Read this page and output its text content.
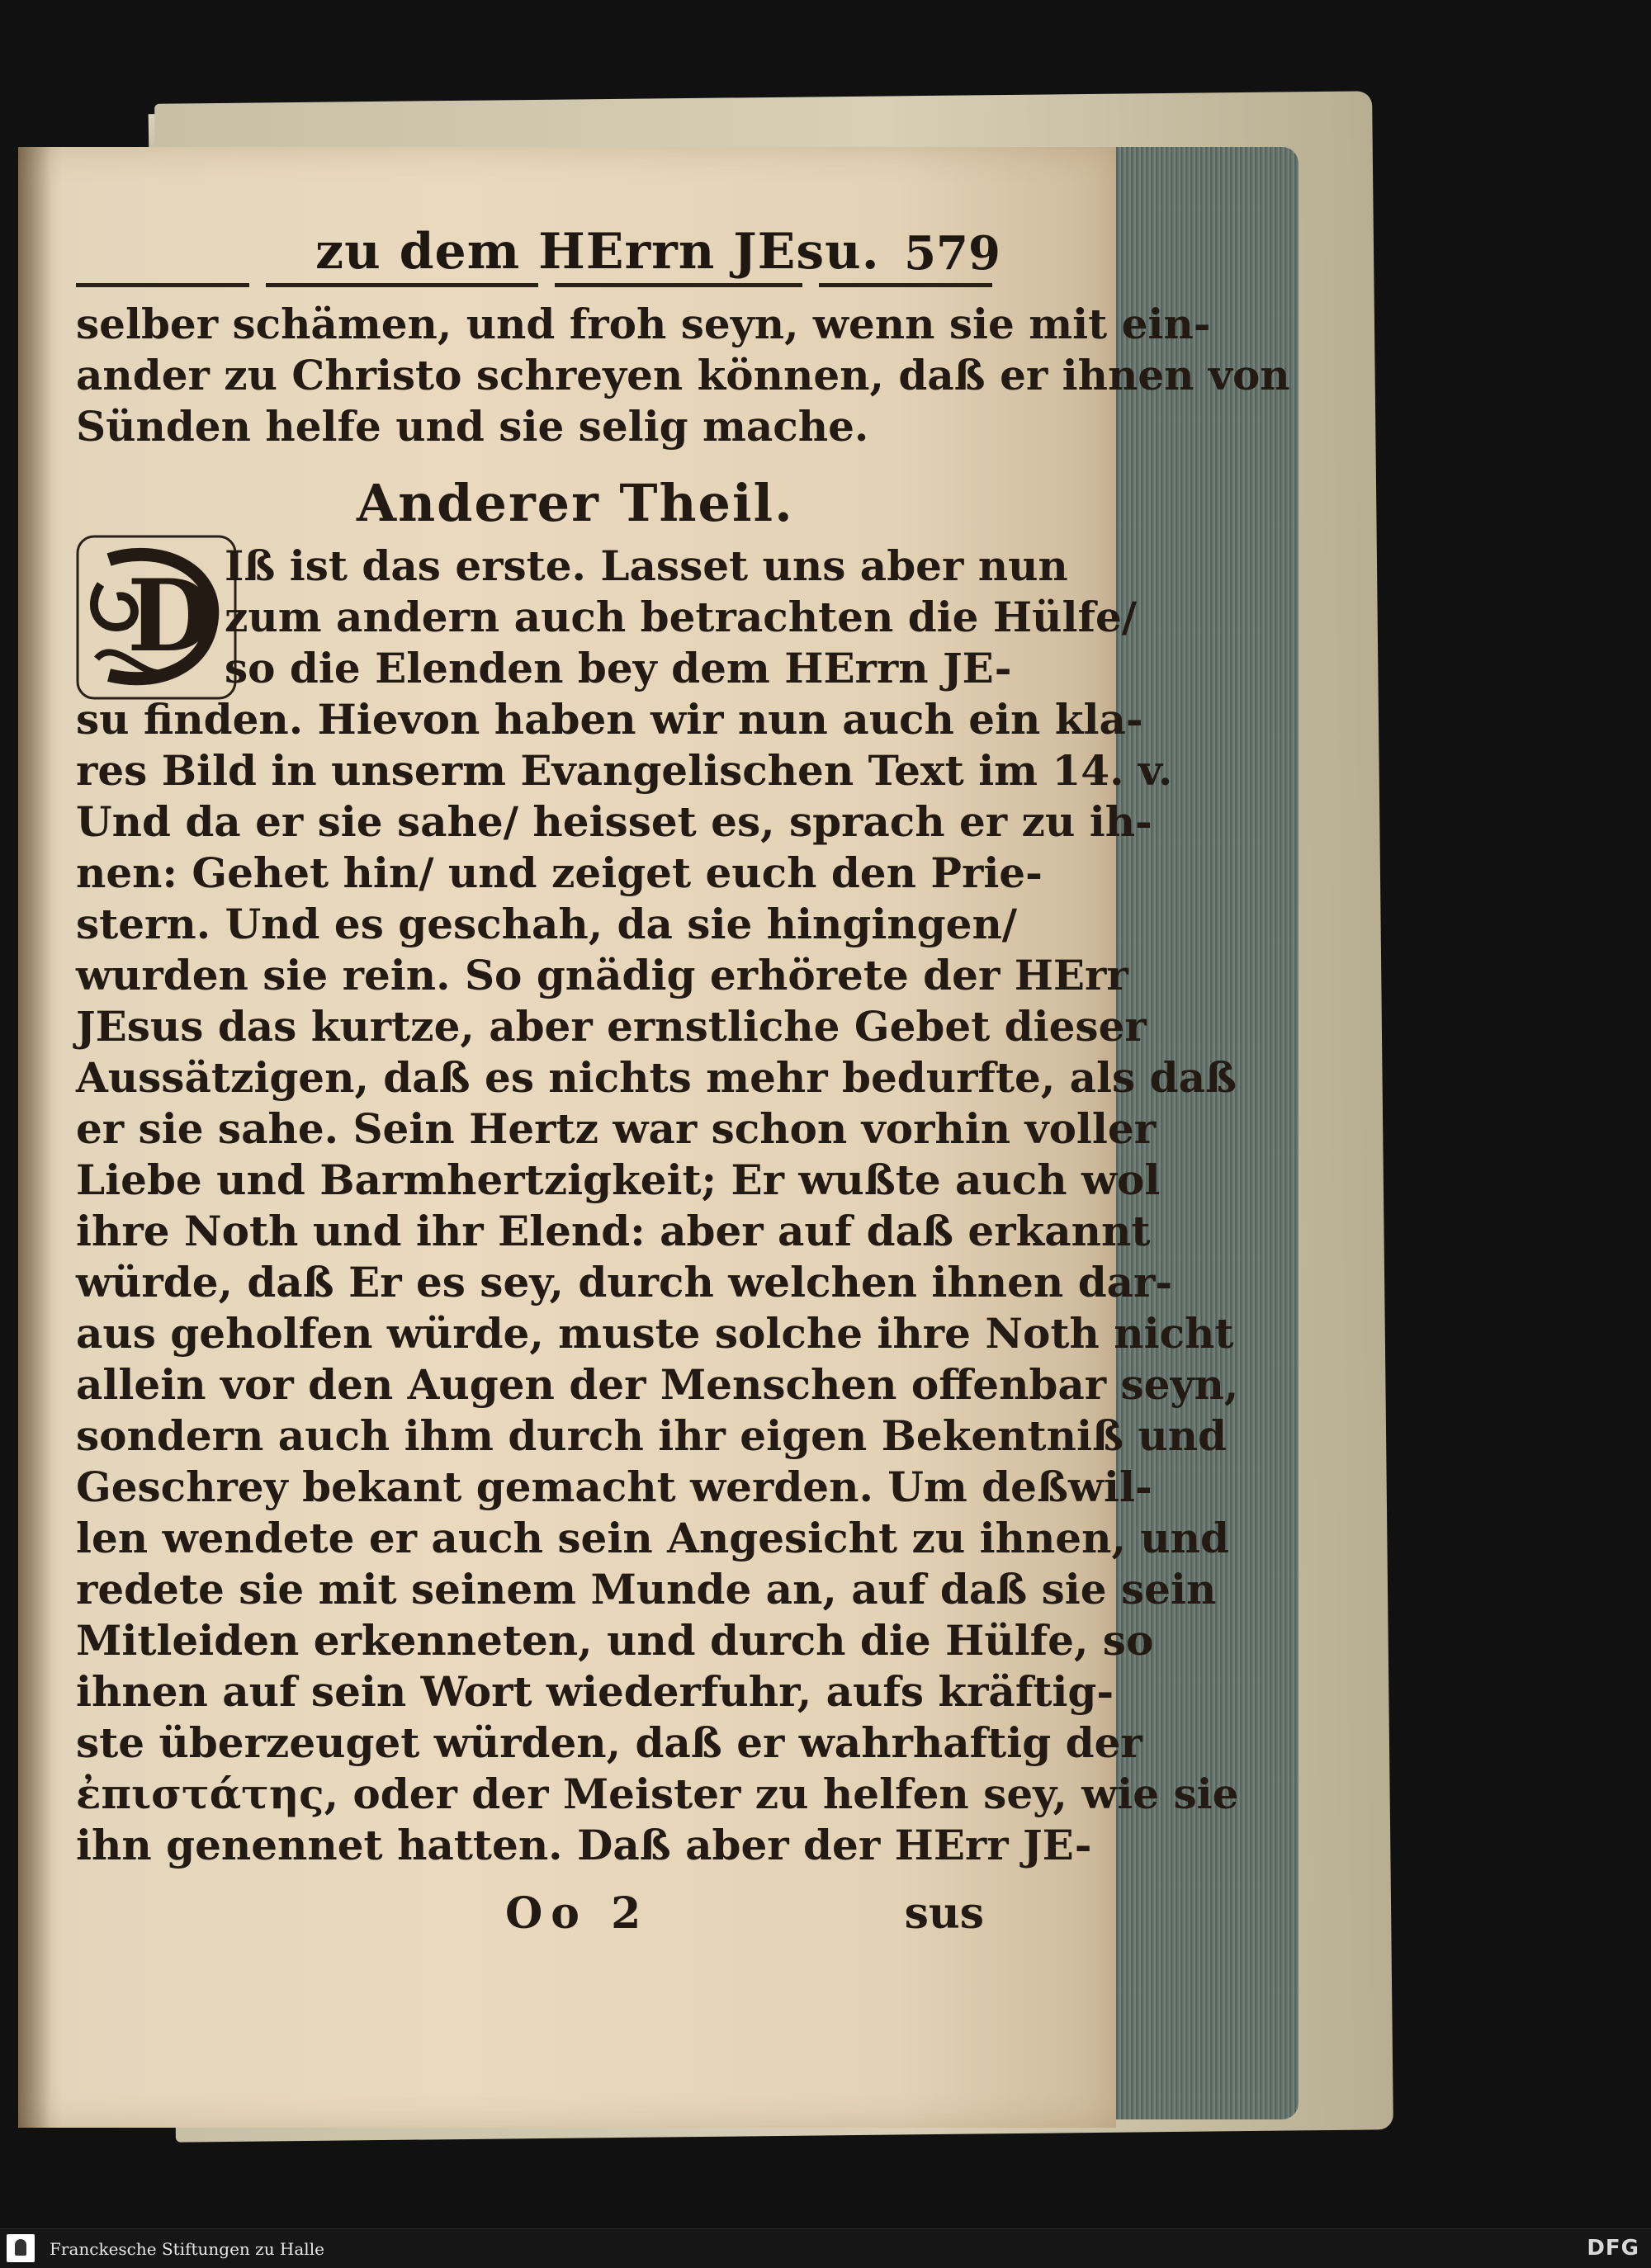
zu dem HErrn JEsu. 579
selber schämen, und froh seyn, wenn sie mit ein-
ander zu Christo schreyen können, daß er ihnen von
Sünden helfe und sie selig mache.
Anderer Theil.
D Iß ist das erste. Lasset uns aber nun
zum andern auch betrachten die Hülfe/
so die Elenden bey dem HErrn JE-
su finden. Hievon haben wir nun auch ein kla-
res Bild in unserm Evangelischen Text im 14. v.
Und da er sie sahe/ heisset es, sprach er zu ih-
nen: Gehet hin/ und zeiget euch den Prie-
stern. Und es geschah, da sie hingingen/
wurden sie rein. So gnädig erhörete der HErr
JEsus das kurtze, aber ernstliche Gebet dieser
Aussätzigen, daß es nichts mehr bedurfte, als daß
er sie sahe. Sein Hertz war schon vorhin voller
Liebe und Barmhertzigkeit; Er wußte auch wol
ihre Noth und ihr Elend: aber auf daß erkannt
würde, daß Er es sey, durch welchen ihnen dar-
aus geholfen würde, muste solche ihre Noth nicht
allein vor den Augen der Menschen offenbar seyn,
sondern auch ihm durch ihr eigen Bekentniß und
Geschrey bekant gemacht werden. Um deßwil-
len wendete er auch sein Angesicht zu ihnen, und
redete sie mit seinem Munde an, auf daß sie sein
Mitleiden erkenneten, und durch die Hülfe, so
ihnen auf sein Wort wiederfuhr, aufs kräftig-
ste überzeuget würden, daß er wahrhaftig der
ἐπιστάτης, oder der Meister zu helfen sey, wie sie
ihn genennet hatten. Daß aber der HErr JE-
Oo 2	sus
Franckesche Stiftungen zu Halle	DFG
